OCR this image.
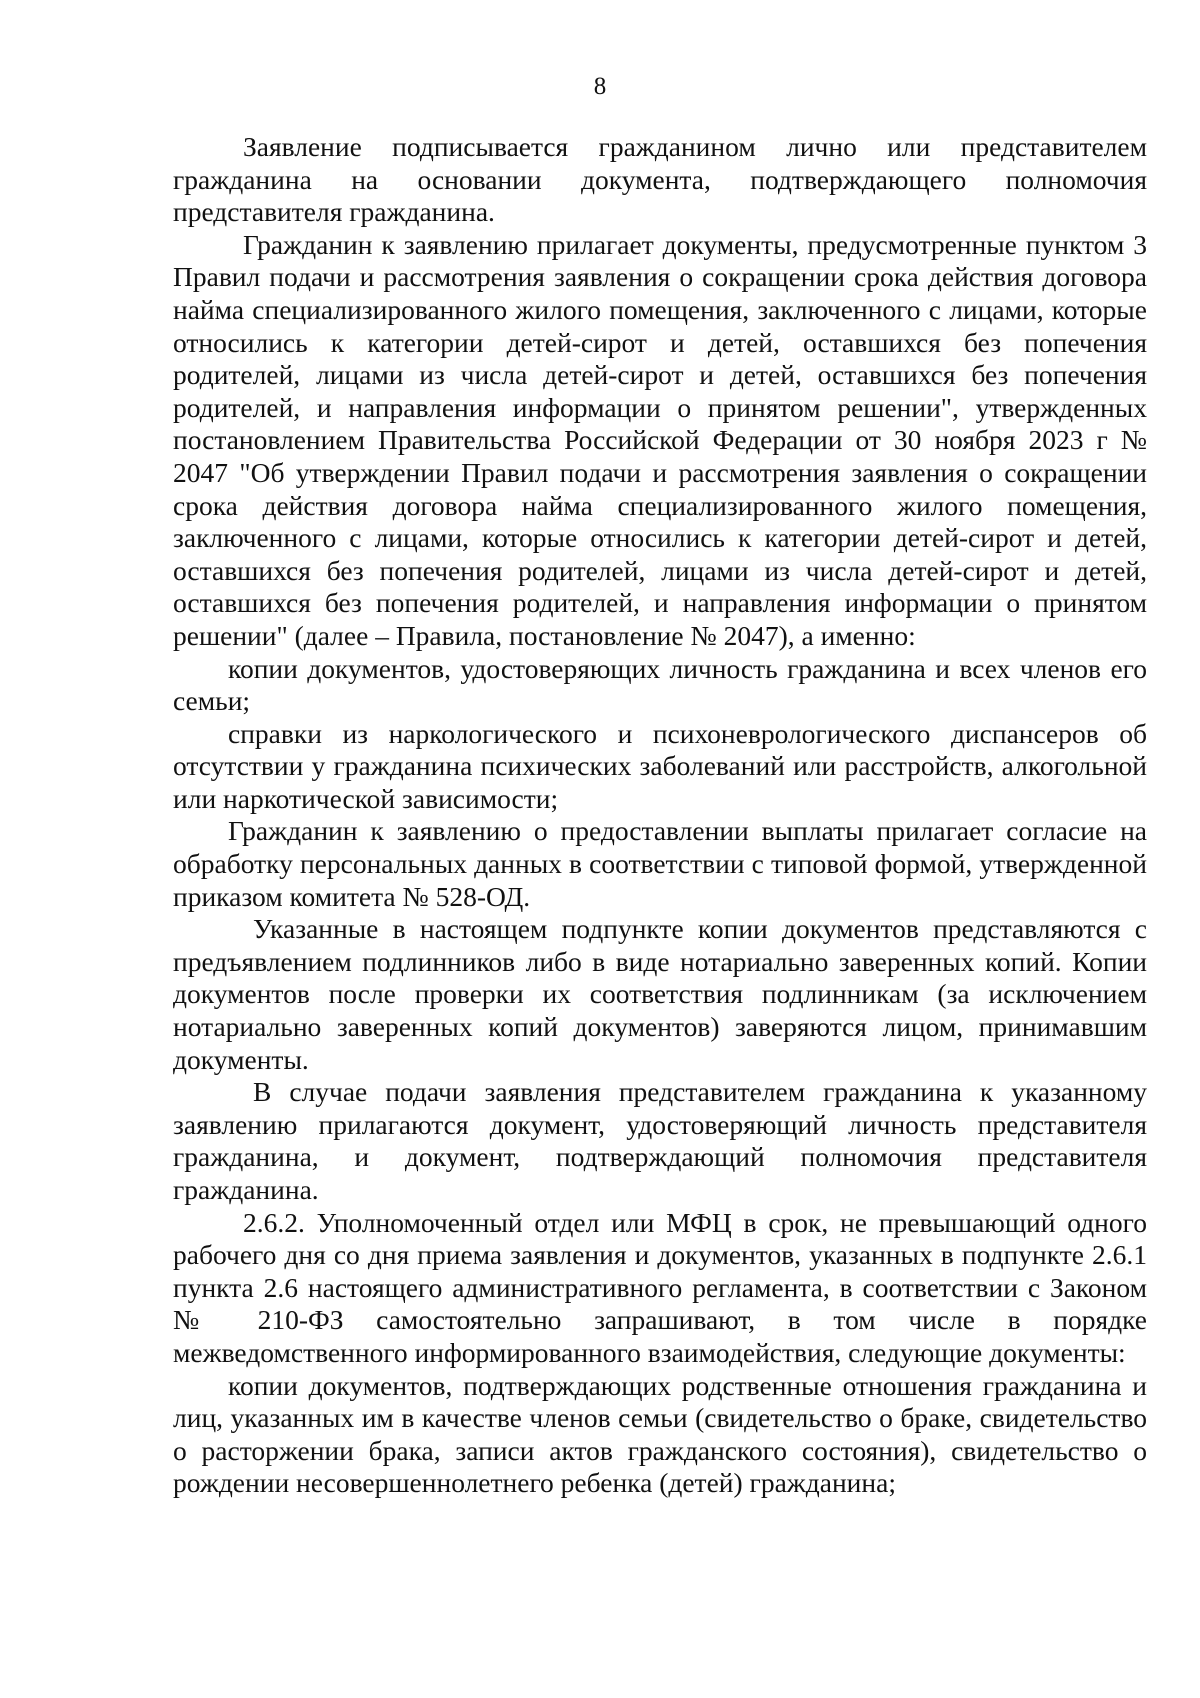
8

Заявление подписывается гражданином лично или представителем гражданина на основании документа, подтверждающего полномочия представителя гражданина.

Гражданин к заявлению прилагает документы, предусмотренные пунктом 3 Правил подачи и рассмотрения заявления о сокращении срока действия договора найма специализированного жилого помещения, заключенного с лицами, которые относились к категории детей-сирот и детей, оставшихся без попечения родителей, лицами из числа детей-сирот и детей, оставшихся без попечения родителей, и направления информации о принятом решении", утвержденных постановлением Правительства Российской Федерации от 30 ноября 2023 г № 2047 "Об утверждении Правил подачи и рассмотрения заявления о сокращении срока действия договора найма специализированного жилого помещения, заключенного с лицами, которые относились к категории детей-сирот и детей, оставшихся без попечения родителей, лицами из числа детей-сирот и детей, оставшихся без попечения родителей, и направления информации о принятом решении" (далее – Правила, постановление № 2047), а именно:

копии документов, удостоверяющих личность гражданина и всех членов его семьи;

справки из наркологического и психоневрологического диспансеров об отсутствии у гражданина психических заболеваний или расстройств, алкогольной или наркотической зависимости;

Гражданин к заявлению о предоставлении выплаты прилагает согласие на обработку персональных данных в соответствии с типовой формой, утвержденной приказом комитета № 528-ОД.

Указанные в настоящем подпункте копии документов представляются с предъявлением подлинников либо в виде нотариально заверенных копий. Копии документов после проверки их соответствия подлинникам (за исключением нотариально заверенных копий документов) заверяются лицом, принимавшим документы.

В случае подачи заявления представителем гражданина к указанному заявлению прилагаются документ, удостоверяющий личность представителя гражданина, и документ, подтверждающий полномочия представителя гражданина.

2.6.2. Уполномоченный отдел или МФЦ в срок, не превышающий одного рабочего дня со дня приема заявления и документов, указанных в подпункте 2.6.1 пункта 2.6 настоящего административного регламента, в соответствии с Законом № 210-ФЗ самостоятельно запрашивают, в том числе в порядке межведомственного информированного взаимодействия, следующие документы:

копии документов, подтверждающих родственные отношения гражданина и лиц, указанных им в качестве членов семьи (свидетельство о браке, свидетельство о расторжении брака, записи актов гражданского состояния), свидетельство о рождении несовершеннолетнего ребенка (детей) гражданина;
